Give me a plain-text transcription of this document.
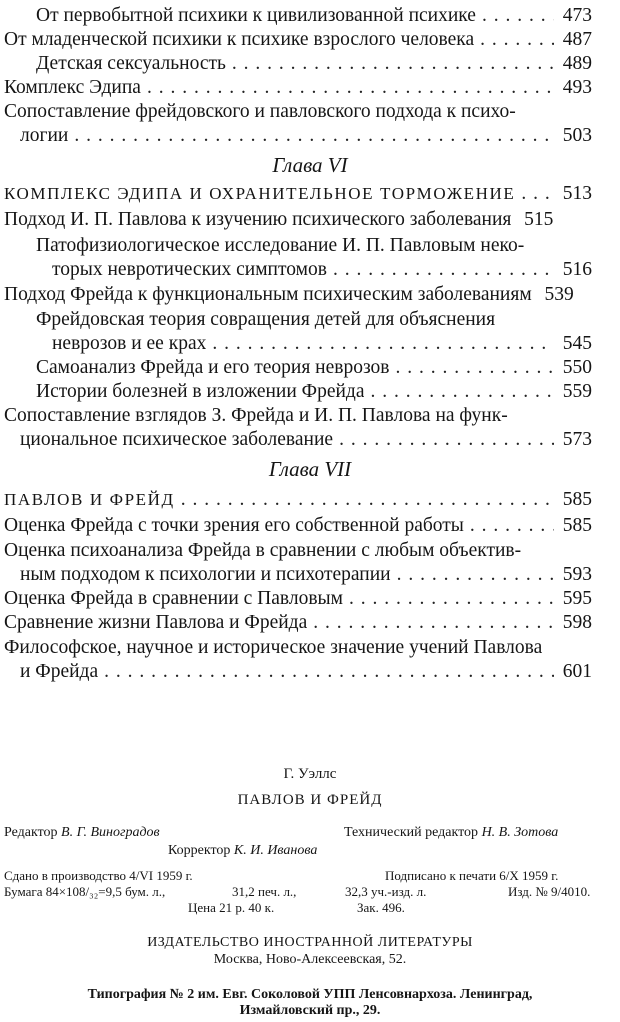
От первобытной психики к цивилизованной психике . . .	473
От младенческой психики к психике взрослого человека . . .	487
Детская сексуальность . . .	489
Комплекс Эдипа . . .	493
Сопоставление фрейдовского и павловского подхода к психо-
логии . . .	503
Глава VI
КОМПЛЕКС ЭДИПА И ОХРАНИТЕЛЬНОЕ ТОРМОЖЕНИЕ . . . 513
Подход И. П. Павлова к изучению психического заболевания 515
Патофизиологическое исследование И. П. Павловым неко-
торых невротических симптомов . . .	516
Подход Фрейда к функциональным психическим заболеваниям 539
Фрейдовская теория совращения детей для объяснения
неврозов и ее крах . . .	545
Самоанализ Фрейда и его теория неврозов . . .	550
Истории болезней в изложении Фрейда . . .	559
Сопоставление взглядов З. Фрейда и И. П. Павлова на функ-
циональное психическое заболевание . . .	573
Глава VII
ПАВЛОВ И ФРЕЙД . . .	585
Оценка Фрейда с точки зрения его собственной работы . . .	585
Оценка психоанализа Фрейда в сравнении с любым объектив-
ным подходом к психологии и психотерапии . . .	593
Оценка Фрейда в сравнении с Павловым . . .	595
Сравнение жизни Павлова и Фрейда . . .	598
Философское, научное и историческое значение учений Павлова
и Фрейда . . .	601
Г. Уэллс
ПАВЛОВ И ФРЕЙД
Редактор В. Г. Виноградов	Технический редактор Н. В. Зотова
Корректор К. И. Иванова
Сдано в производство 4/VI 1959 г.	Подписано к печати 6/X 1959 г.
Бумага 84×108/₃₂=9,5 бум. л.,	31,2 печ. л.,	32,3 уч.-изд. л.	Изд. № 9/4010.
Цена 21 р. 40 к.	Зак. 496.
ИЗДАТЕЛЬСТВО ИНОСТРАННОЙ ЛИТЕРАТУРЫ
Москва, Ново-Алексеевская, 52.
Типография № 2 им. Евг. Соколовой УПП Ленсовнархоза. Ленинград,
Измайловский пр., 29.
